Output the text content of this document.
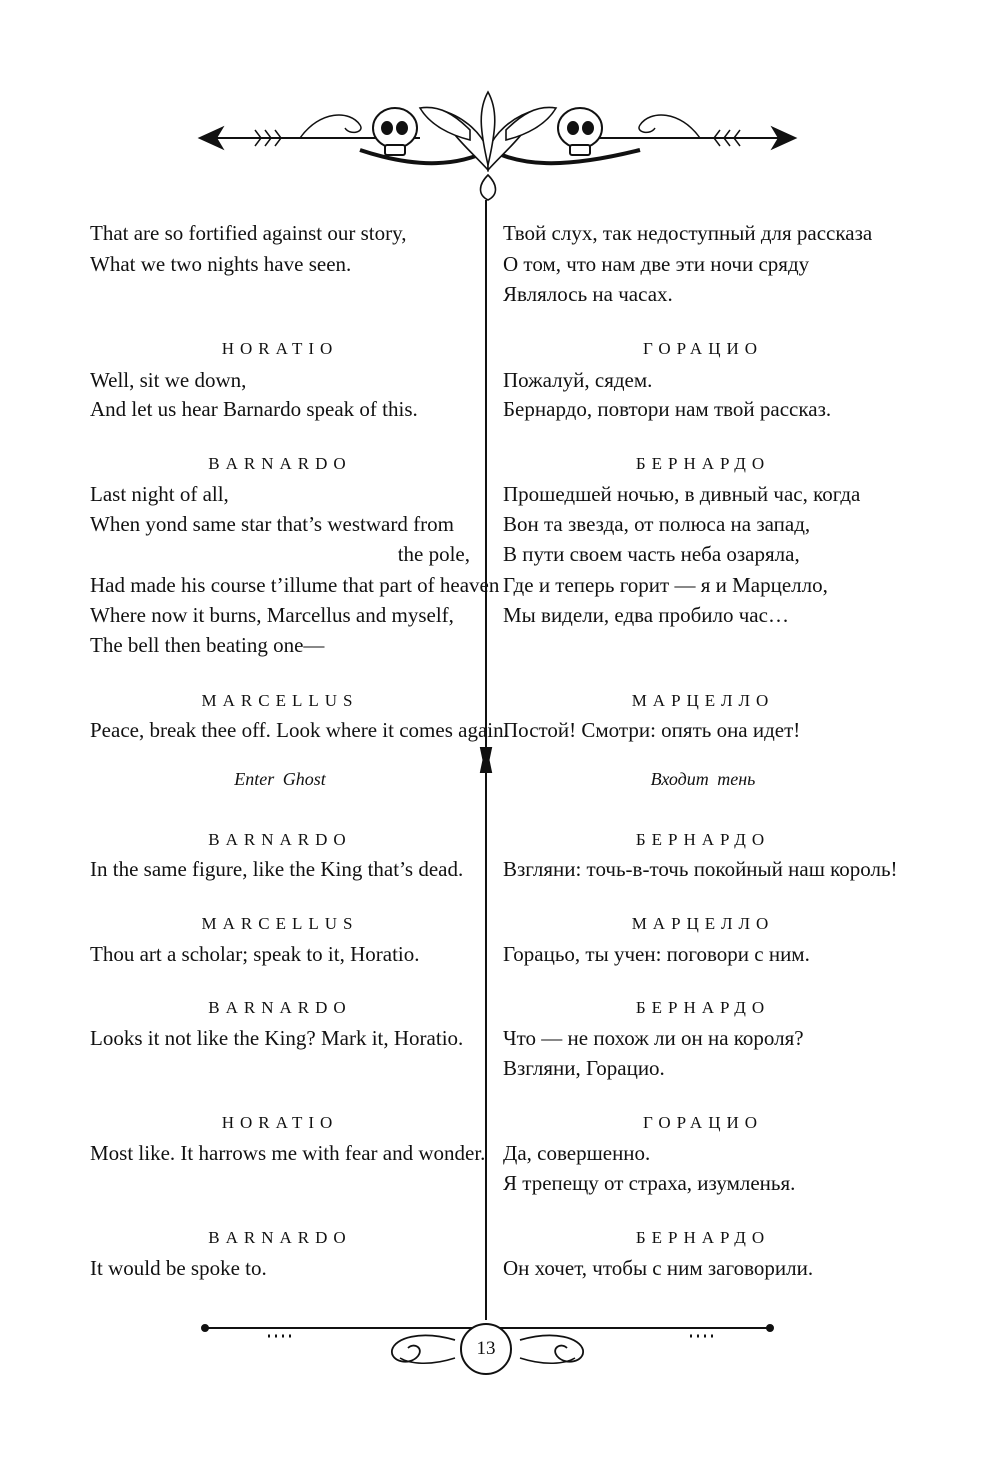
That are so fortified against our story,
What we two nights have seen.
HORATIO
Well, sit we down,
And let us hear Barnardo speak of this.
BARNARDO
Last night of all,
When yond same star that’s westward from
the pole,
Had made his course t’illume that part of heaven
Where now it burns, Marcellus and myself,
The bell then beating one—
MARCELLUS
Peace, break thee off. Look where it comes again.
Enter Ghost
BARNARDO
In the same figure, like the King that’s dead.
MARCELLUS
Thou art a scholar; speak to it, Horatio.
BARNARDO
Looks it not like the King? Mark it, Horatio.
HORATIO
Most like. It harrows me with fear and wonder.
BARNARDO
It would be spoke to.
Твой слух, так недоступный для рассказа
О том, что нам две эти ночи сряду
Являлось на часах.
ГОРАЦИО
Пожалуй, сядем.
Бернардо, повтори нам твой рассказ.
БЕРНАРДО
Прошедшей ночью, в дивный час, когда
Вон та звезда, от полюса на запад,
В пути своем часть неба озаряла,
Где и теперь горит — я и Марцелло,
Мы видели, едва пробило час…
МАРЦЕЛЛО
Постой! Смотри: опять она идет!
Входит тень
БЕРНАРДО
Взгляни: точь-в-точь покойный наш король!
МАРЦЕЛЛО
Горацьо, ты учен: поговори с ним.
БЕРНАРДО
Что — не похож ли он на короля?
Взгляни, Горацио.
ГОРАЦИО
Да, совершенно.
Я трепещу от страха, изумленья.
БЕРНАРДО
Он хочет, чтобы с ним заговорили.
13
